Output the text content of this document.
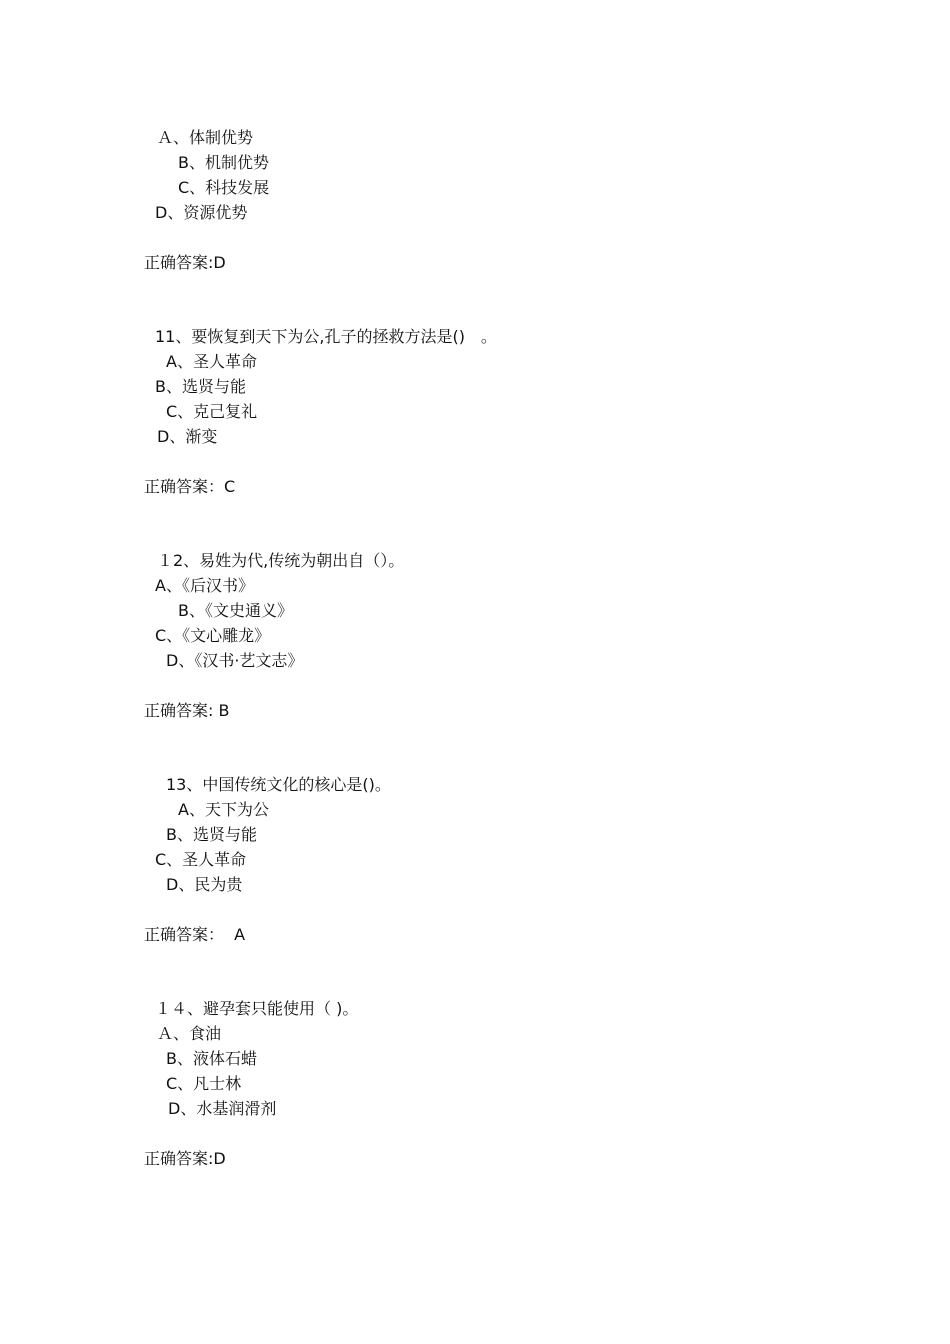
Ａ、体制优势
B、机制优势
C、科技发展
D、资源优势
正确答案:D
11、要恢复到天下为公,孔子的拯救方法是()　。
A、圣人革命
B、选贤与能
C、克己复礼
D、渐变
正确答案：C
１2、易姓为代,传统为朝出自（）。
A、《后汉书》
B、《文史通义》
C、《文心雕龙》
D、《汉书·艺文志》
正确答案: B
13、中国传统文化的核心是()。
A、天下为公
B、选贤与能
C、圣人革命
D、民为贵
正确答案：  A
１４、避孕套只能使用（ )。
Ａ、食油
B、液体石蜡
C、凡士林
D、水基润滑剂
正确答案:D
